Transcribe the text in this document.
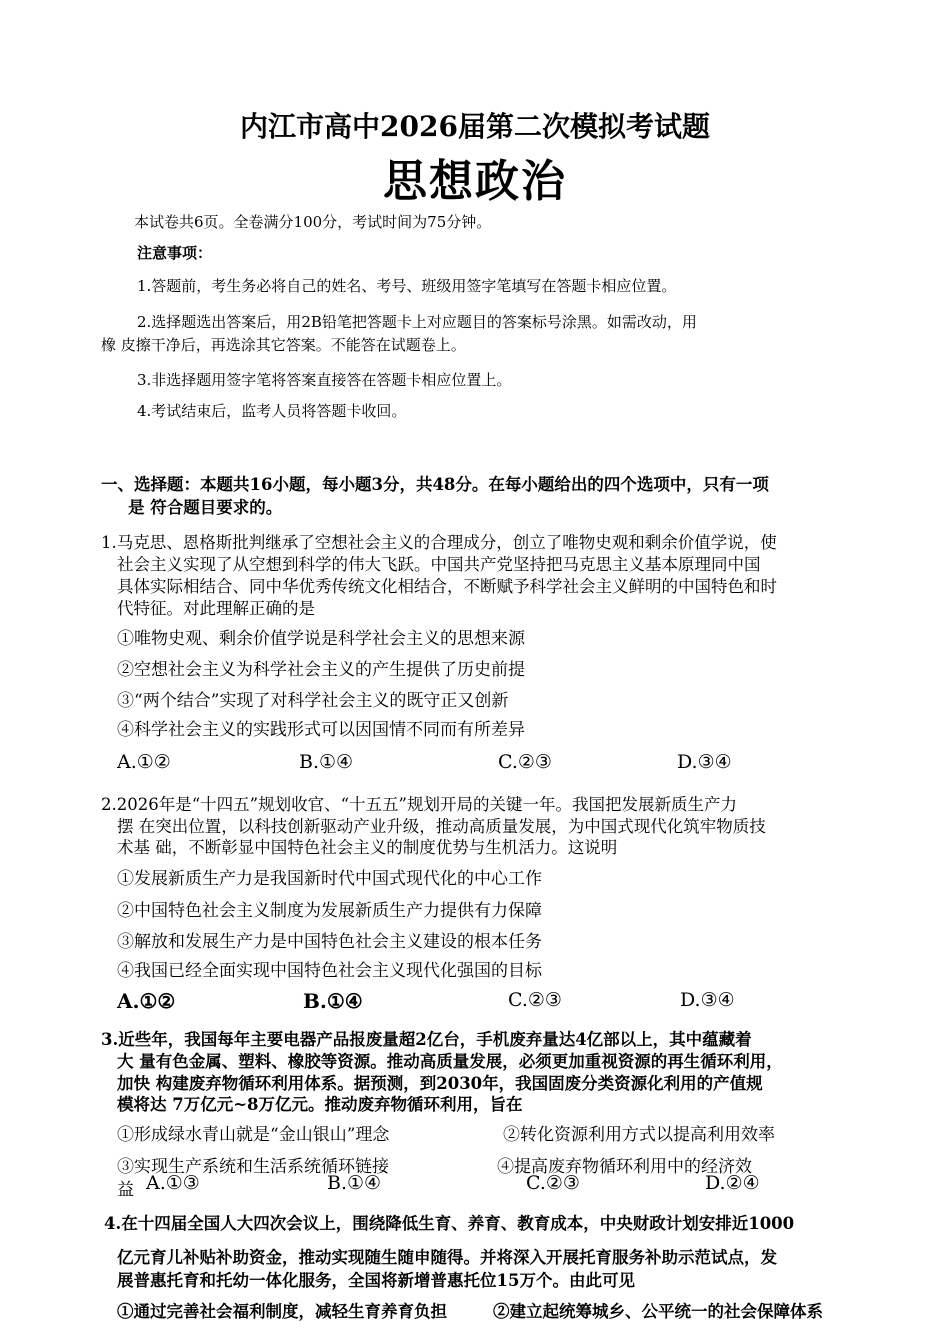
内江市高中2026届第二次模拟考试题
思想政治
本试卷共6页。全卷满分100分，考试时间为75分钟。
注意事项：
1.答题前，考生务必将自己的姓名、考号、班级用签字笔填写在答题卡相应位置。
2.选择题选出答案后，用2B铅笔把答题卡上对应题目的答案标号涂黑。如需改动，用
橡 皮擦干净后，再选涂其它答案。不能答在试题卷上。
3.非选择题用签字笔将答案直接答在答题卡相应位置上。
4.考试结束后，监考人员将答题卡收回。
一、选择题：本题共16小题，每小题3分，共48分。在每小题给出的四个选项中，只有一项
是 符合题目要求的。
1.马克思、恩格斯批判继承了空想社会主义的合理成分，创立了唯物史观和剩余价值学说，使
社会主义实现了从空想到科学的伟大飞跃。中国共产党坚持把马克思主义基本原理同中国
具体实际相结合、同中华优秀传统文化相结合，不断赋予科学社会主义鲜明的中国特色和时
代特征。对此理解正确的是
①唯物史观、剩余价值学说是科学社会主义的思想来源
②空想社会主义为科学社会主义的产生提供了历史前提
③“两个结合”实现了对科学社会主义的既守正又创新
④科学社会主义的实践形式可以因国情不同而有所差异
A.①②	B.①④	C.②③	D.③④
2.2026年是“十四五”规划收官、“十五五”规划开局的关键一年。我国把发展新质生产力
摆 在突出位置，以科技创新驱动产业升级，推动高质量发展，为中国式现代化筑牢物质技
术基 础，不断彰显中国特色社会主义的制度优势与生机活力。这说明
①发展新质生产力是我国新时代中国式现代化的中心工作
②中国特色社会主义制度为发展新质生产力提供有力保障
③解放和发展生产力是中国特色社会主义建设的根本任务
④我国已经全面实现中国特色社会主义现代化强国的目标
A.①②	B.①④	C.②③	D.③④
3.近些年，我国每年主要电器产品报废量超2亿台，手机废弃量达4亿部以上，其中蕴藏着
大 量有色金属、塑料、橡胶等资源。推动高质量发展，必须更加重视资源的再生循环利用，
加快 构建废弃物循环利用体系。据预测，到2030年，我国固废分类资源化利用的产值规
模将达 7万亿元~8万亿元。推动废弃物循环利用，旨在
①形成绿水青山就是“金山银山”理念	②转化资源利用方式以提高利用效率
③实现生产系统和生活系统循环链接	④提高废弃物循环利用中的经济效
益 A.①③	B.①④	C.②③	D.②④
4.在十四届全国人大四次会议上，围绕降低生育、养育、教育成本，中央财政计划安排近1000
亿元育儿补贴补助资金，推动实现随生随申随得。并将深入开展托育服务补助示范试点，发
展普惠托育和托幼一体化服务，全国将新增普惠托位15万个。由此可见
①通过完善社会福利制度，减轻生育养育负担	②建立起统筹城乡、公平统一的社会保障体系
